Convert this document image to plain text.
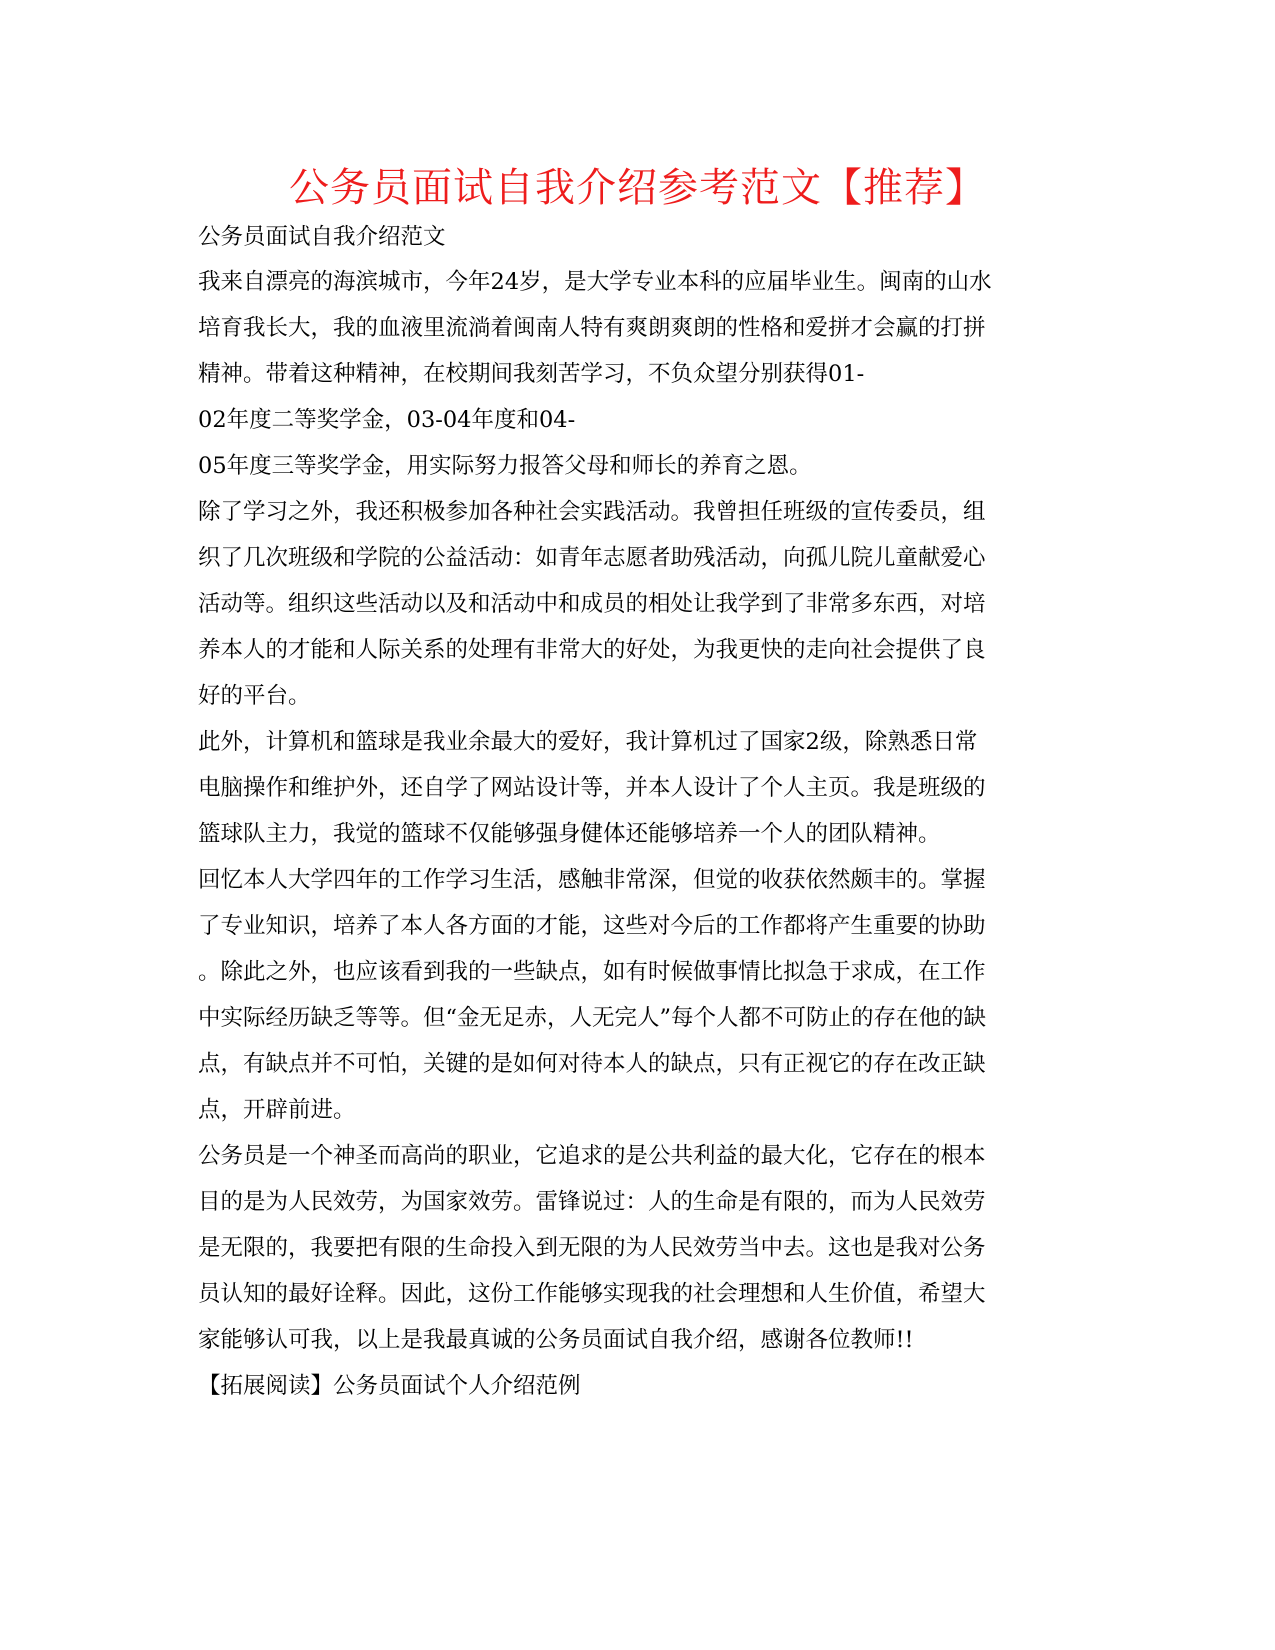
公务员面试自我介绍参考范文【推荐】

公务员面试自我介绍范文

我来自漂亮的海滨城市，今年24岁，是大学专业本科的应届毕业生。闽南的山水

培育我长大，我的血液里流淌着闽南人特有爽朗爽朗的性格和爱拼才会赢的打拼

精神。带着这种精神，在校期间我刻苦学习，不负众望分别获得01-

02年度二等奖学金，03-04年度和04-

05年度三等奖学金，用实际努力报答父母和师长的养育之恩。

除了学习之外，我还积极参加各种社会实践活动。我曾担任班级的宣传委员，组

织了几次班级和学院的公益活动：如青年志愿者助残活动，向孤儿院儿童献爱心

活动等。组织这些活动以及和活动中和成员的相处让我学到了非常多东西，对培

养本人的才能和人际关系的处理有非常大的好处，为我更快的走向社会提供了良

好的平台。

此外，计算机和篮球是我业余最大的爱好，我计算机过了国家2级，除熟悉日常

电脑操作和维护外，还自学了网站设计等，并本人设计了个人主页。我是班级的

篮球队主力，我觉的篮球不仅能够强身健体还能够培养一个人的团队精神。

回忆本人大学四年的工作学习生活，感触非常深，但觉的收获依然颇丰的。掌握

了专业知识，培养了本人各方面的才能，这些对今后的工作都将产生重要的协助

。除此之外，也应该看到我的一些缺点，如有时候做事情比拟急于求成，在工作

中实际经历缺乏等等。但“金无足赤，人无完人”每个人都不可防止的存在他的缺

点，有缺点并不可怕，关键的是如何对待本人的缺点，只有正视它的存在改正缺

点，开辟前进。

公务员是一个神圣而高尚的职业，它追求的是公共利益的最大化，它存在的根本

目的是为人民效劳，为国家效劳。雷锋说过：人的生命是有限的，而为人民效劳

是无限的，我要把有限的生命投入到无限的为人民效劳当中去。这也是我对公务

员认知的最好诠释。因此，这份工作能够实现我的社会理想和人生价值，希望大

家能够认可我，以上是我最真诚的公务员面试自我介绍，感谢各位教师!!

【拓展阅读】公务员面试个人介绍范例
